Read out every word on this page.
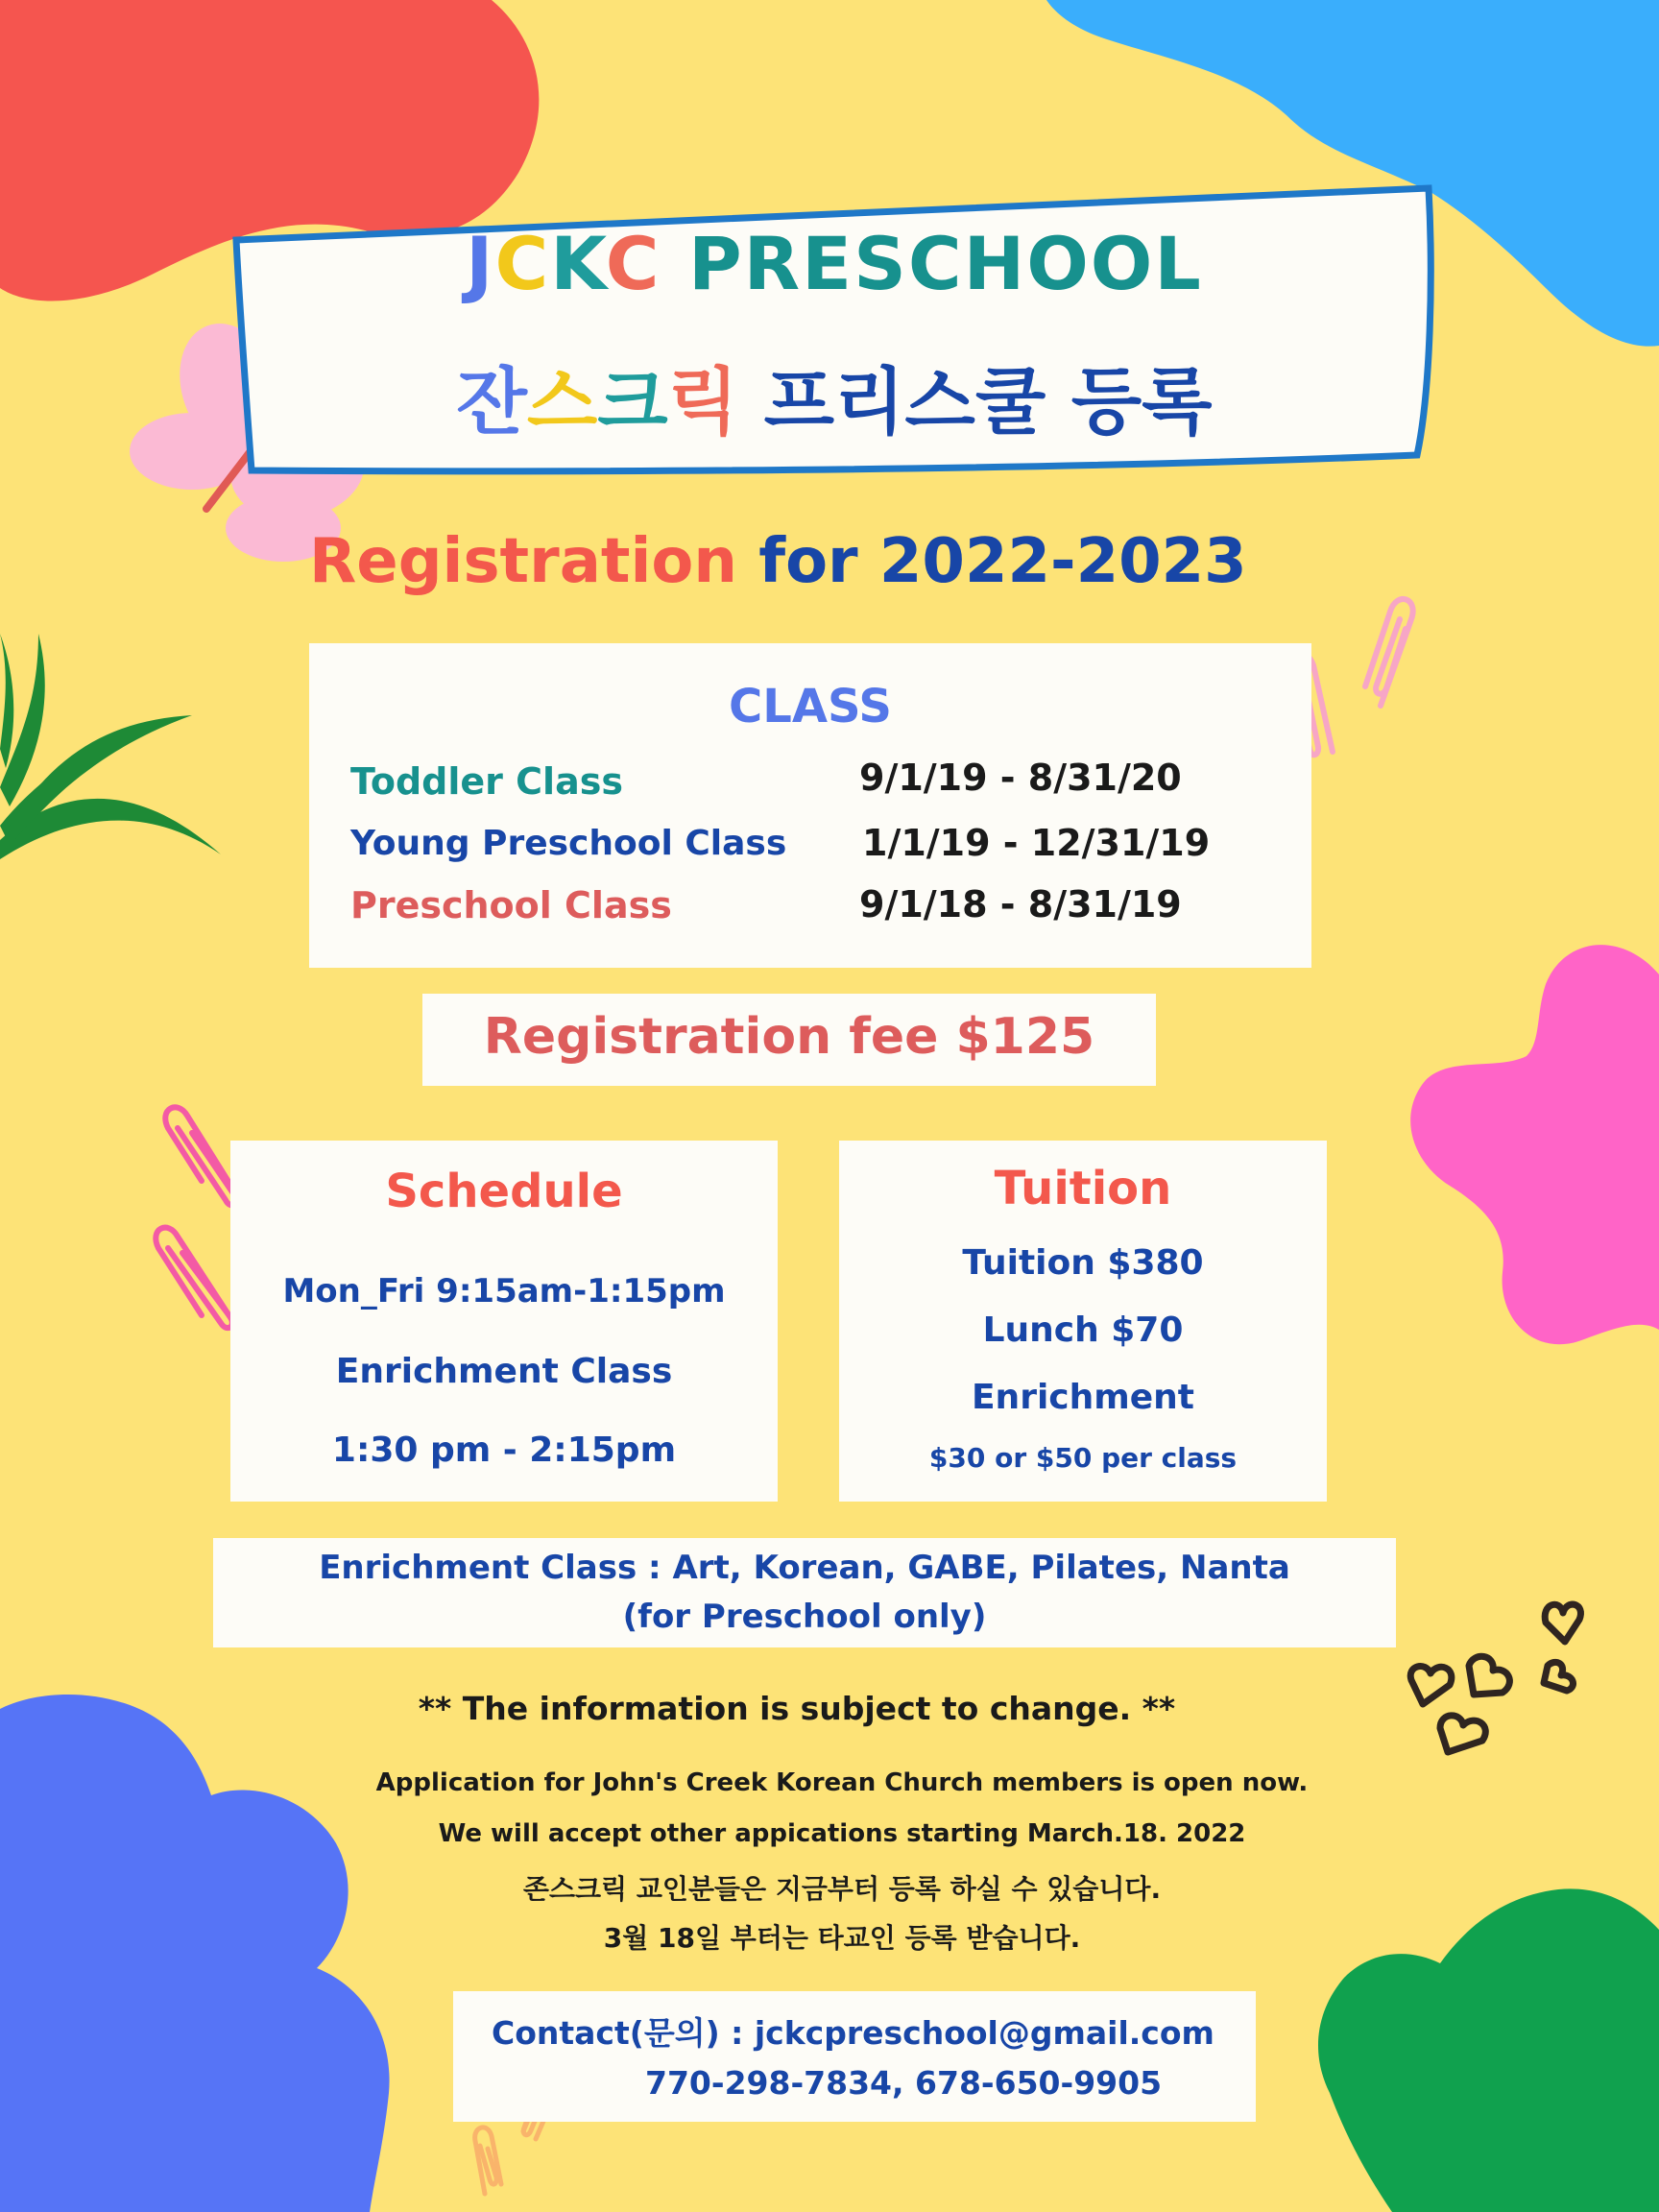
JCKC PRESCHOOL
잔스크릭 프리스쿨 등록
Registration for 2022-2023
CLASS
Toddler Class	9/1/19 - 8/31/20
Young Preschool Class 1/1/19 - 12/31/19
Preschool Class	9/1/18 - 8/31/19
Registration fee $125
Schedule
Mon_Fri 9:15am-1:15pm
Enrichment Class
1:30 pm - 2:15pm
Tuition
Tuition $380
Lunch $70
Enrichment
$30 or $50 per class
Enrichment Class : Art, Korean, GABE, Pilates, Nanta
(for Preschool only)
** The information is subject to change. **
Application for John's Creek Korean Church members is open now.
We will accept other appications starting March.18. 2022
존스크릭 교인분들은 지금부터 등록 하실 수 있습니다.
3월 18일 부터는 타교인 등록 받습니다.
Contact(문의) : jckcpreschool@gmail.com
770-298-7834, 678-650-9905
